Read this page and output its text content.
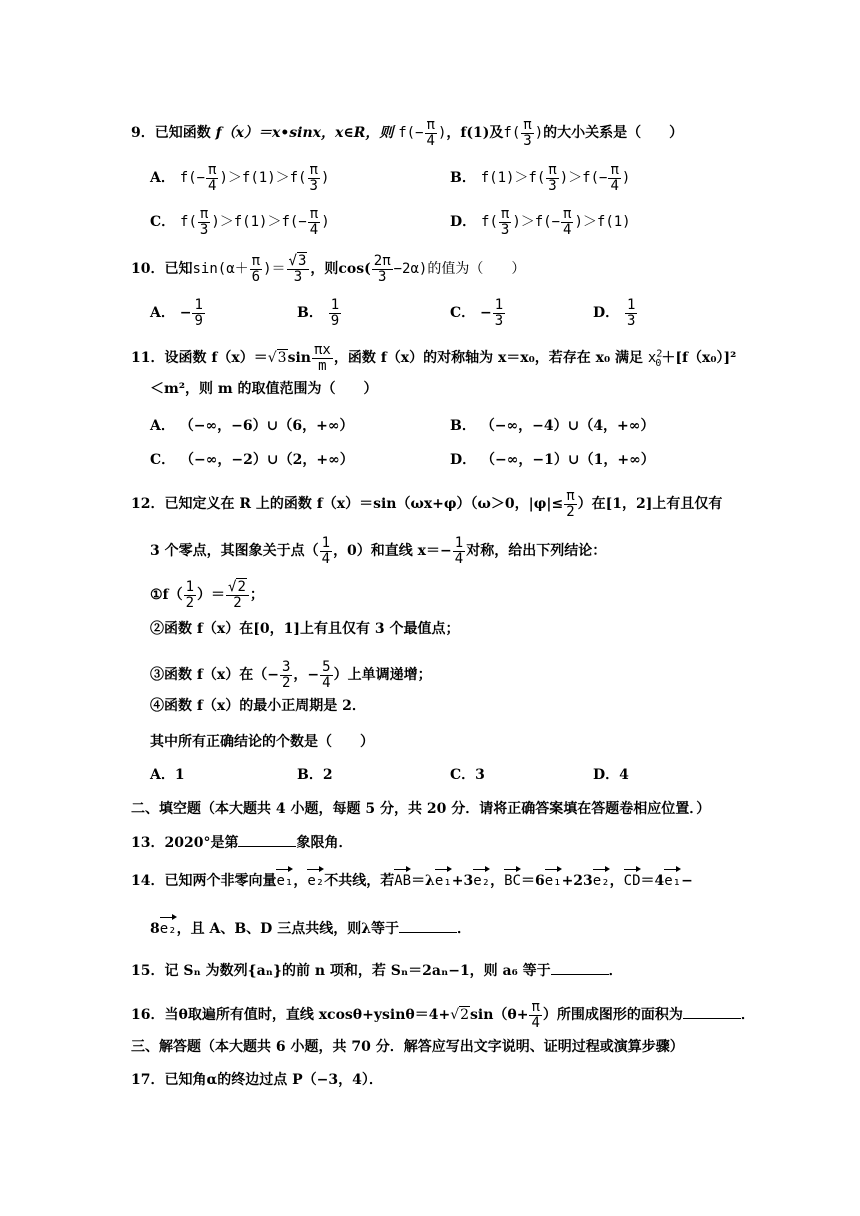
9．已知函数 f（x）＝x•sinx，x∈R，则 $f(- \frac{\pi}{4}$ )，f(1)及$f( \frac{\pi}{3}$ )的大小关系是（　　）
A． $f(- \frac{\pi}{4} )>f(1)>f( \frac{\pi}{3}$ )	B． $f(1)>f( \frac{\pi}{3} )>f(- \frac{\pi}{4}$ )
C． $f( \frac{\pi}{3} )>f(1)>f(- \frac{\pi}{4}$ )	D． $f( \frac{\pi}{3} )>f(- \frac{\pi}{4} )>f(1)$
10．已知$\sin(\alpha+ \frac{\pi}{6}$ )＝ $\frac{√3}{3}$ ，则$\cos( \frac{2\pi}{3} -2\alpha)$的值为（　　）
A． − $\frac{1}{9}$	B． $\frac{1}{9}$	C． − $\frac{1}{3}$	D． $\frac{1}{3}$
11．设函数 $f(x)=√3\sin \frac{\pi x}{m}$ ，函数 f（x）的对称轴为 x＝x₀，若存在 x₀ 满足 $x^2_0+[f(x_0)]^2$
＜m²，则 m 的取值范围为（　　）
A． （−∞，−6）∪（6，+∞）	B． （−∞，−4）∪（4，+∞）
C． （−∞，−2）∪（2，+∞）	D． （−∞，−1）∪（1，+∞）
12．已知定义在 R 上的函数 f（x）＝sin（ωx+φ）（ω＞0，$|\varphi|\le \frac{\pi}{2}$ ）在[1，2]上有且仅有
3 个零点，其图象关于点（ $\frac{1}{4}$ ，0）和直线 $x=- \frac{1}{4}$ 对称，给出下列结论：
①f（ $\frac{1}{2}$ ）＝ $\frac{√2}{2}$ ；
②函数 f（x）在[0，1]上有且仅有 3 个最值点；
③函数 f（x）在（− $\frac{3}{2}$ ，− $\frac{5}{4}$ ）上单调递增；
④函数 f（x）的最小正周期是 2．
其中所有正确结论的个数是（　　）
A．1	B．2	C．3	D．4
二、填空题（本大题共 4 小题，每题 5 分，共 20 分．请将正确答案填在答题卷相应位置．）
13．2020°是第	象限角．
14．已知两个非零向量e₁，e₂不共线，若AB＝λe₁+3e₂，BC＝6e₁+23e₂，CD＝4e₁−
8e₂，且 A、B、D 三点共线，则λ等于	．
15．记 Sₙ 为数列{aₙ}的前 n 项和，若 Sₙ＝2aₙ−1，则 a₆ 等于	．
16．当θ取遍所有值时，直线 $xcos\theta+ysin\theta=4+√2\sin(\theta+ \frac{\pi}{4}$ ）所围成图形的面积为	．
三、解答题（本大题共 6 小题，共 70 分．解答应写出文字说明、证明过程或演算步骤）
17．已知角α的终边过点 P（−3，4）．
